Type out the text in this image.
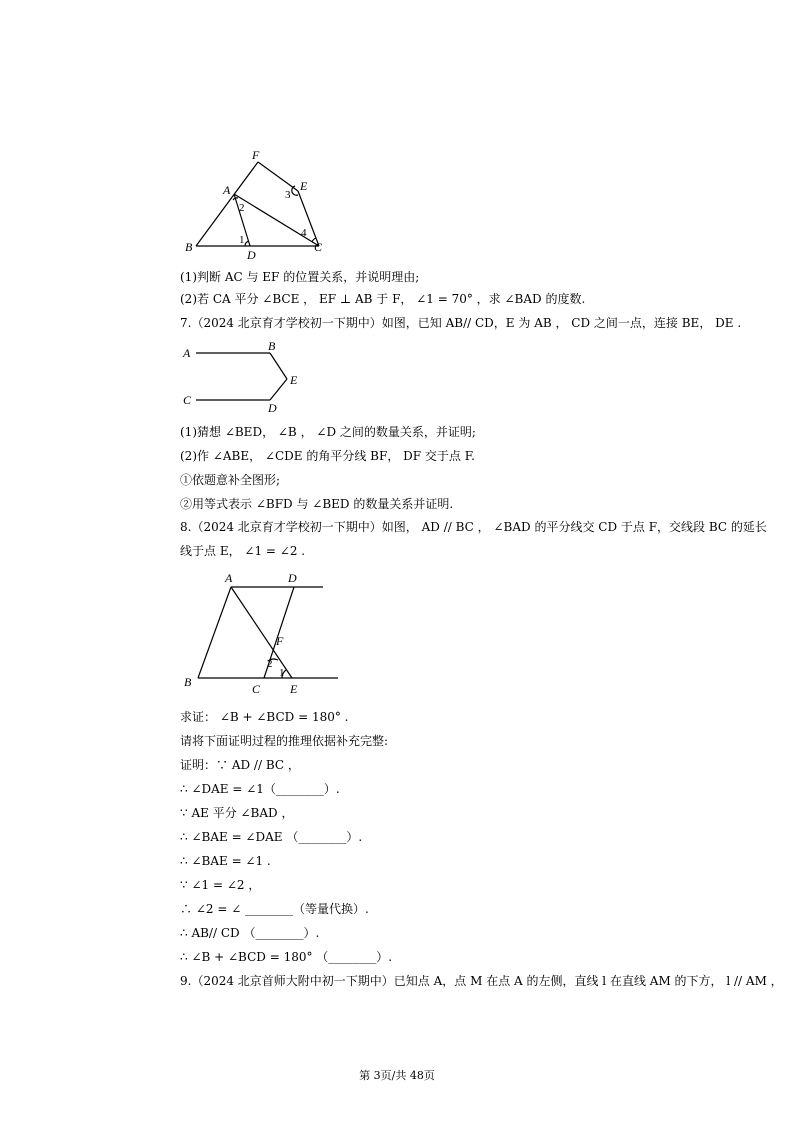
F
A	E
B
D
C
1
2
3
4
(1)判断 AC 与 EF 的位置关系，并说明理由;
(2)若 CA 平分 ∠BCE ， EF ⊥ AB 于 F， ∠1 = 70° ，求 ∠BAD 的度数.
7.（2024 北京育才学校初一下期中）如图，已知 AB// CD，E 为 AB ， CD 之间一点，连接 BE， DE .
A	B
E
C
D
(1)猜想 ∠BED， ∠B ， ∠D 之间的数量关系，并证明;
(2)作 ∠ABE， ∠CDE 的角平分线 BF， DF 交于点 F.
①依题意补全图形;
②用等式表示 ∠BFD 与 ∠BED 的数量关系并证明.
8.（2024 北京育才学校初一下期中）如图， AD // BC ， ∠BAD 的平分线交 CD 于点 F，交线段 BC 的延长
线于点 E， ∠1 = ∠2 .
A	D
F
B	C E
2
1
求证： ∠B + ∠BCD = 180° .
请将下面证明过程的推理依据补充完整:
证明：∵ AD // BC ，
∴ ∠DAE = ∠1（________）.
∵ AE 平分 ∠BAD ，
∴ ∠BAE = ∠DAE （________）.
∴ ∠BAE = ∠1 .
∵ ∠1 = ∠2 ，
∴ ∠2 = ∠ ________（等量代换）.
∴ AB// CD （________）.
∴ ∠B + ∠BCD = 180° （________）.
9.（2024 北京首师大附中初一下期中）已知点 A，点 M 在点 A 的左侧，直线 l 在直线 AM 的下方， l // AM ，
第 3页/共 48页
